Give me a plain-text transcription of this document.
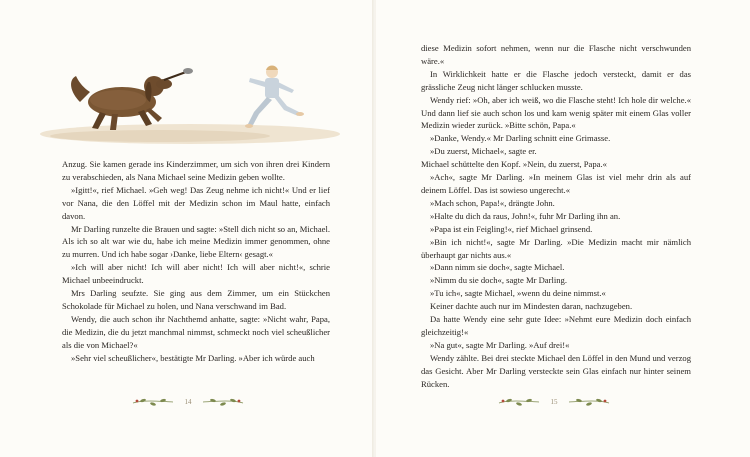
Anzug. Sie kamen gerade ins Kinderzimmer, um sich von ihren drei Kindern zu verabschieden, als Nana Michael seine Medizin geben wollte.

»Igitt!«, rief Michael. »Geh weg! Das Zeug nehme ich nicht!« Und er lief vor Nana, die den Löffel mit der Medizin schon im Maul hatte, einfach davon.

Mr Darling runzelte die Brauen und sagte: »Stell dich nicht so an, Michael. Als ich so alt war wie du, habe ich meine Medizin immer genommen, ohne zu murren. Und ich habe sogar ›Danke, liebe Eltern‹ gesagt.«

»Ich will aber nicht! Ich will aber nicht! Ich will aber nicht!«, schrie Michael unbeeindruckt.

Mrs Darling seufzte. Sie ging aus dem Zimmer, um ein Stückchen Schokolade für Michael zu holen, und Nana verschwand im Bad.

Wendy, die auch schon ihr Nachthemd anhatte, sagte: »Nicht wahr, Papa, die Medizin, die du jetzt manchmal nimmst, schmeckt noch viel scheußlicher als die von Michael?«

»Sehr viel scheußlicher«, bestätigte Mr Darling. »Aber ich würde auch

14

diese Medizin sofort nehmen, wenn nur die Flasche nicht verschwunden wäre.«

In Wirklichkeit hatte er die Flasche jedoch versteckt, damit er das grässliche Zeug nicht länger schlucken musste.

Wendy rief: »Oh, aber ich weiß, wo die Flasche steht! Ich hole dir welche.« Und dann lief sie auch schon los und kam wenig später mit einem Glas voller Medizin wieder zurück. »Bitte schön, Papa.«

»Danke, Wendy.« Mr Darling schnitt eine Grimasse.

»Du zuerst, Michael«, sagte er.

Michael schüttelte den Kopf. »Nein, du zuerst, Papa.«

»Ach«, sagte Mr Darling. »In meinem Glas ist viel mehr drin als auf deinem Löffel. Das ist sowieso ungerecht.«

»Mach schon, Papa!«, drängte John.

»Halte du dich da raus, John!«, fuhr Mr Darling ihn an.

»Papa ist ein Feigling!«, rief Michael grinsend.

»Bin ich nicht!«, sagte Mr Darling. »Die Medizin macht mir nämlich überhaupt gar nichts aus.«

»Dann nimm sie doch«, sagte Michael.

»Nimm du sie doch«, sagte Mr Darling.

»Tu ich«, sagte Michael, »wenn du deine nimmst.«

Keiner dachte auch nur im Mindesten daran, nachzugeben.

Da hatte Wendy eine sehr gute Idee: »Nehmt eure Medizin doch einfach gleichzeitig!«

»Na gut«, sagte Mr Darling. »Auf drei!«

Wendy zählte. Bei drei steckte Michael den Löffel in den Mund und verzog das Gesicht. Aber Mr Darling versteckte sein Glas einfach nur hinter seinem Rücken.

15
